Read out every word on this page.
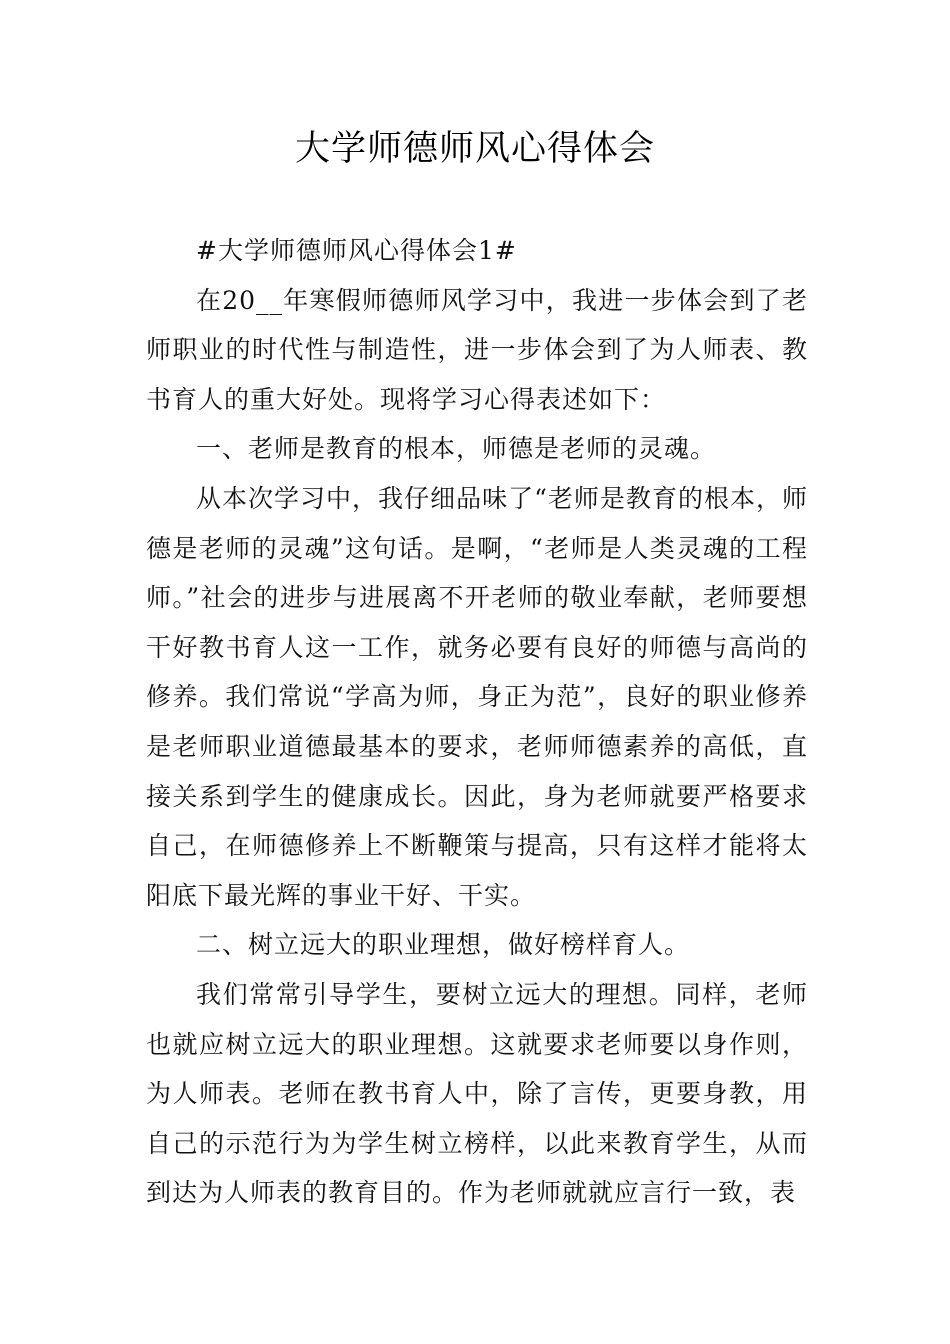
大学师德师风心得体会

#大学师德师风心得体会1#

在20__年寒假师德师风学习中，我进一步体会到了老师职业的时代性与制造性，进一步体会到了为人师表、教书育人的重大好处。现将学习心得表述如下：

一、老师是教育的根本，师德是老师的灵魂。

从本次学习中，我仔细品味了“老师是教育的根本，师德是老师的灵魂”这句话。是啊，“老师是人类灵魂的工程师。”社会的进步与进展离不开老师的敬业奉献，老师要想干好教书育人这一工作，就务必要有良好的师德与高尚的修养。我们常说“学高为师，身正为范”，良好的职业修养是老师职业道德最基本的要求，老师师德素养的高低，直接关系到学生的健康成长。因此，身为老师就要严格要求自己，在师德修养上不断鞭策与提高，只有这样才能将太阳底下最光辉的事业干好、干实。

二、树立远大的职业理想，做好榜样育人。

我们常常引导学生，要树立远大的理想。同样，老师也就应树立远大的职业理想。这就要求老师要以身作则，为人师表。老师在教书育人中，除了言传，更要身教，用自己的示范行为为学生树立榜样，以此来教育学生，从而到达为人师表的教育目的。作为老师就就应言行一致，表
